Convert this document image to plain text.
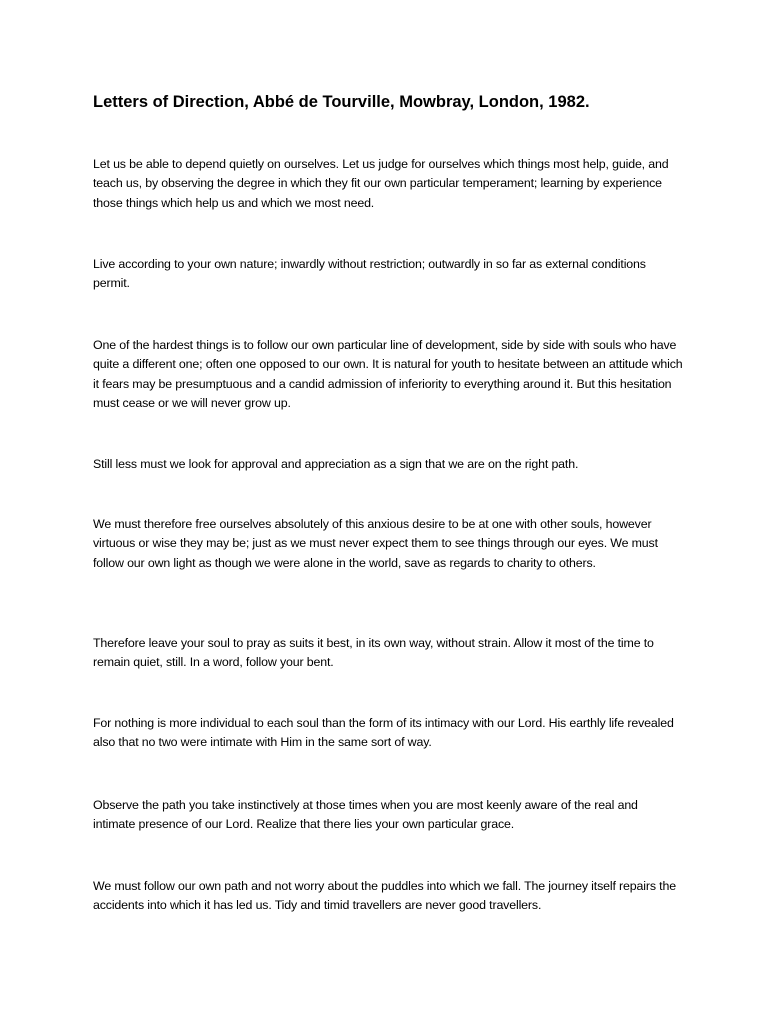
Letters of Direction, Abbé de Tourville, Mowbray, London, 1982.

Let us be able to depend quietly on ourselves. Let us judge for ourselves which things most help, guide, and teach us, by observing the degree in which they fit our own particular temperament; learning by experience those things which help us and which we most need.

Live according to your own nature; inwardly without restriction; outwardly in so far as external conditions permit.

One of the hardest things is to follow our own particular line of development, side by side with souls who have quite a different one; often one opposed to our own. It is natural for youth to hesitate between an attitude which it fears may be presumptuous and a candid admission of inferiority to everything around it. But this hesitation must cease or we will never grow up.

Still less must we look for approval and appreciation as a sign that we are on the right path.

We must therefore free ourselves absolutely of this anxious desire to be at one with other souls, however virtuous or wise they may be; just as we must never expect them to see things through our eyes. We must follow our own light as though we were alone in the world, save as regards to charity to others.

Therefore leave your soul to pray as suits it best, in its own way, without strain. Allow it most of the time to remain quiet, still. In a word, follow your bent.

For nothing is more individual to each soul than the form of its intimacy with our Lord. His earthly life revealed also that no two were intimate with Him in the same sort of way.

Observe the path you take instinctively at those times when you are most keenly aware of the real and intimate presence of our Lord. Realize that there lies your own particular grace.

We must follow our own path and not worry about the puddles into which we fall. The journey itself repairs the accidents into which it has led us. Tidy and timid travellers are never good travellers.
